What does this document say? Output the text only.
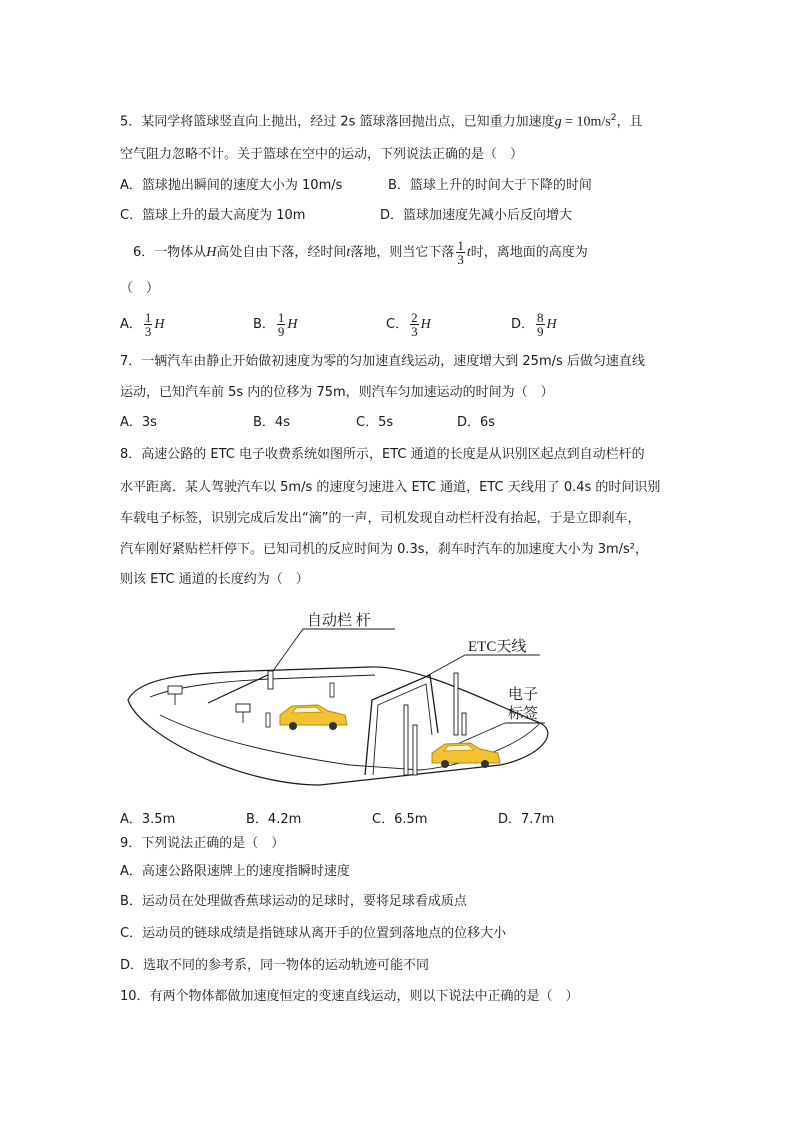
5．某同学将篮球竖直向上抛出，经过 2s 篮球落回抛出点，已知重力加速度$g = 10m/s^2$，且
空气阻力忽略不计。关于篮球在空中的运动，下列说法正确的是（　）
A．篮球抛出瞬间的速度大小为 10m/s	B．篮球上升的时间大于下降的时间
C．篮球上升的最大高度为 10m	D．篮球加速度先减小后反向增大
6．一物体从H高处自由下落，经时间t落地，则当它下落 $\frac{1}{3}$ t时，离地面的高度为
（　）
A． $\frac{1}{3}$ H	B． $\frac{1}{9}$ H	C． $\frac{2}{3}$ H	D． $\frac{8}{9}$ H
7．一辆汽车由静止开始做初速度为零的匀加速直线运动，速度增大到 25m/s 后做匀速直线
运动，已知汽车前 5s 内的位移为 75m，则汽车匀加速运动的时间为（　）
A．3s	B．4s	C．5s	D．6s
8．高速公路的 ETC 电子收费系统如图所示，ETC 通道的长度是从识别区起点到自动栏杆的
水平距离．某人驾驶汽车以 5m/s 的速度匀速进入 ETC 通道，ETC 天线用了 0.4s 的时间识别
车载电子标签，识别完成后发出“滴”的一声，司机发现自动栏杆没有抬起，于是立即刹车，
汽车刚好紧贴栏杆停下。已知司机的反应时间为 0.3s，刹车时汽车的加速度大小为 3m/s²，
则该 ETC 通道的长度约为（　）
自动栏 杆
ETC天线
电子
标签
A．3.5m	B．4.2m	C．6.5m	D．7.7m
9．下列说法正确的是（　）
A．高速公路限速牌上的速度指瞬时速度
B．运动员在处理做香蕉球运动的足球时，要将足球看成质点
C．运动员的链球成绩是指链球从离开手的位置到落地点的位移大小
D．选取不同的参考系，同一物体的运动轨迹可能不同
10．有两个物体都做加速度恒定的变速直线运动，则以下说法中正确的是（　）
